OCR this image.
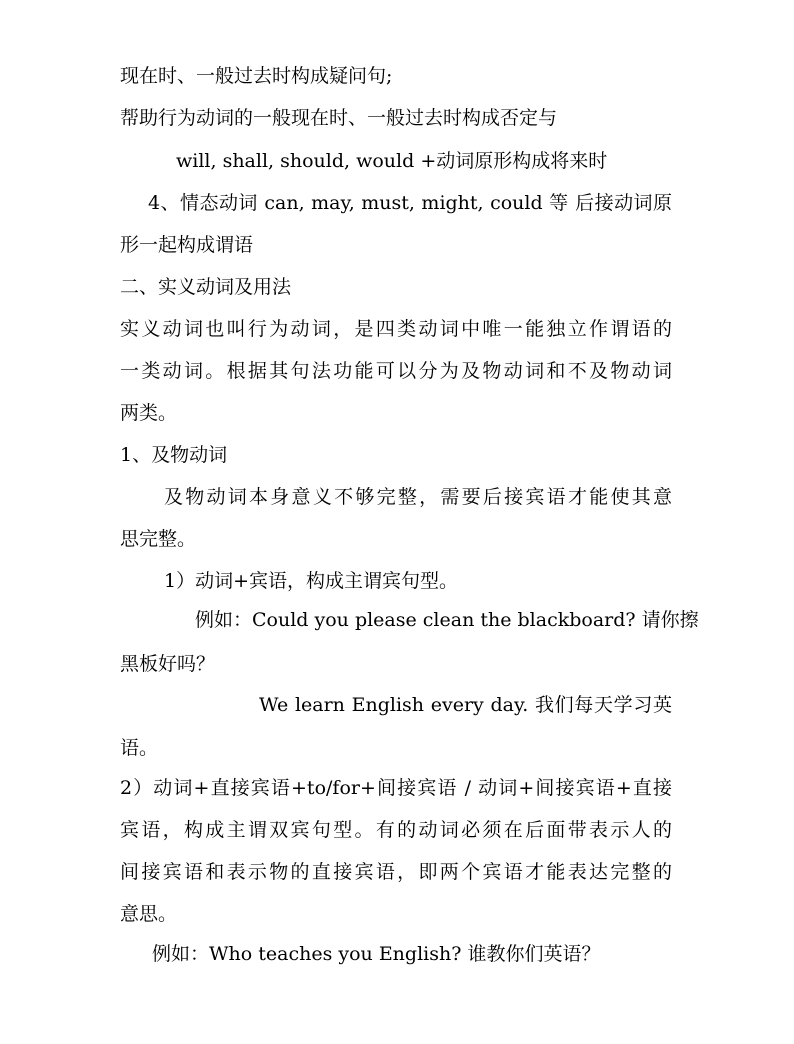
现在时、一般过去时构成疑问句;
帮助行为动词的一般现在时、一般过去时构成否定与
will, shall, should, would +动词原形构成将来时
4、情态动词 can, may, must, might, could 等 后接动词原
形一起构成谓语
二、实义动词及用法
实义动词也叫行为动词，是四类动词中唯一能独立作谓语的
一类动词。根据其句法功能可以分为及物动词和不及物动词
两类。
1、及物动词
及物动词本身意义不够完整，需要后接宾语才能使其意
思完整。
1）动词+宾语，构成主谓宾句型。
例如：Could you please clean the blackboard? 请你擦
黑板好吗？
We learn English every day. 我们每天学习英
语。
2）动词+直接宾语+to/for+间接宾语 / 动词+间接宾语+直接
宾语，构成主谓双宾句型。有的动词必须在后面带表示人的
间接宾语和表示物的直接宾语，即两个宾语才能表达完整的
意思。
例如：Who teaches you English? 谁教你们英语？
